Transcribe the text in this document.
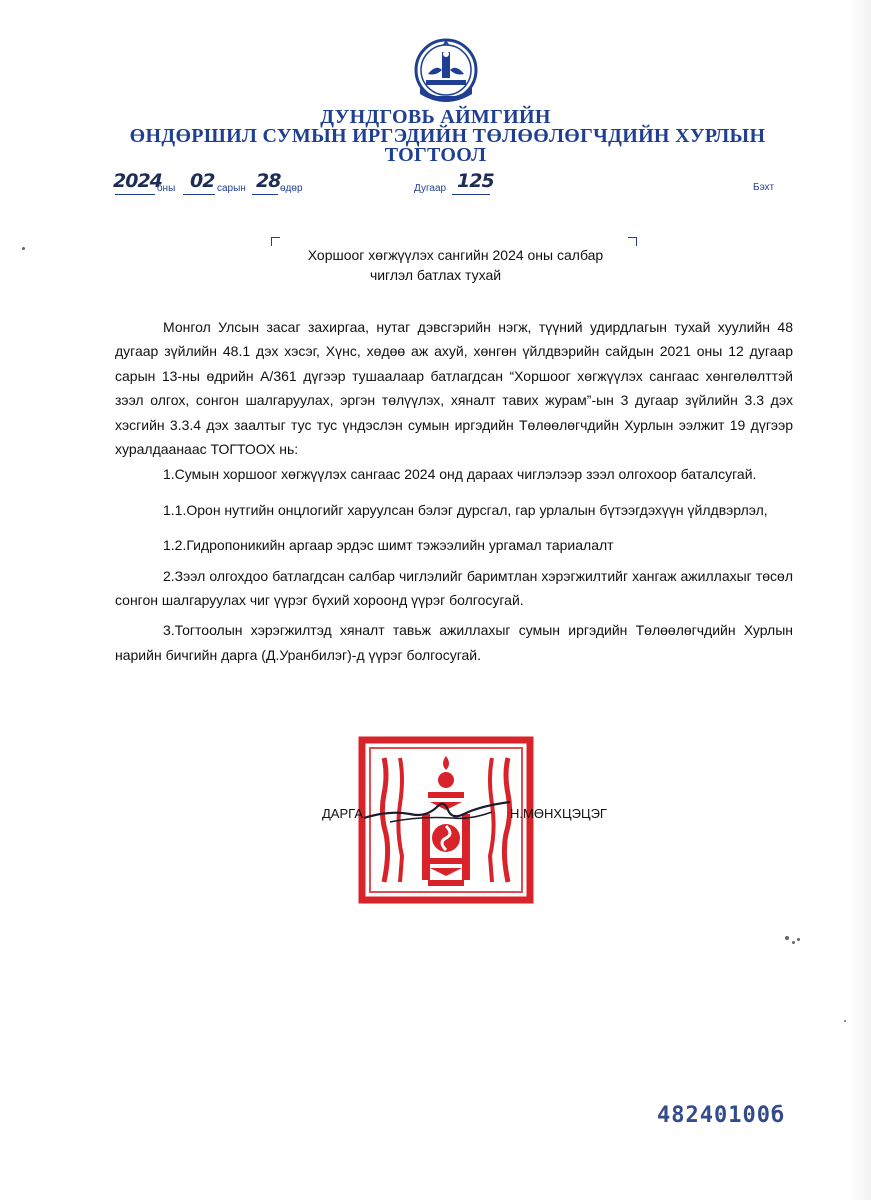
ДУНДГОВЬ АЙМГИЙН
ӨНДӨРШИЛ СУМЫН ИРГЭДИЙН ТӨЛӨӨЛӨГЧДИЙН ХУРЛЫН
ТОГТООЛ
2024
оны 02 сарын 28 өдөр	Дугаар 125	Бэхт
Хоршоог хөгжүүлэх сангийн 2024 оны салбар
чиглэл батлах тухай

Монгол Улсын засаг захиргаа, нутаг дэвсгэрийн нэгж, түүний удирдлагын тухай хуулийн 48 дугаар зүйлийн 48.1 дэх хэсэг, Хүнс, хөдөө аж ахуй, хөнгөн үйлдвэрийн сайдын 2021 оны 12 дугаар сарын 13-ны өдрийн А/361 дүгээр тушаалаар батлагдсан “Хоршоог хөгжүүлэх сангаас хөнгөлөлттэй зээл олгох, сонгон шалгаруулах, эргэн төлүүлэх, хяналт тавих журам”-ын 3 дугаар зүйлийн 3.3 дэх хэсгийн 3.3.4 дэх заалтыг тус тус үндэслэн сумын иргэдийн Төлөөлөгчдийн Хурлын ээлжит 19 дүгээр хуралдаанаас ТОГТООХ нь:

1.Сумын хоршоог хөгжүүлэх сангаас 2024 онд дараах чиглэлээр зээл олгохоор баталсугай.

1.1.Орон нутгийн онцлогийг харуулсан бэлэг дурсгал, гар урлалын бүтээгдэхүүн үйлдвэрлэл,

1.2.Гидропоникийн аргаар эрдэс шимт тэжээлийн ургамал тариалалт

2.Зээл олгохдоо батлагдсан салбар чиглэлийг баримтлан хэрэгжилтийг хангаж ажиллахыг төсөл сонгон шалгаруулах чиг үүрэг бүхий хороонд үүрэг болгосугай.

3.Тогтоолын хэрэгжилтэд хяналт тавьж ажиллахыг сумын иргэдийн Төлөөлөгчдийн Хурлын нарийн бичгийн дарга (Д.Уранбилэг)-д үүрэг болгосугай.

ДАРГА	Н.МӨНХЦЭЦЭГ
48240100б
